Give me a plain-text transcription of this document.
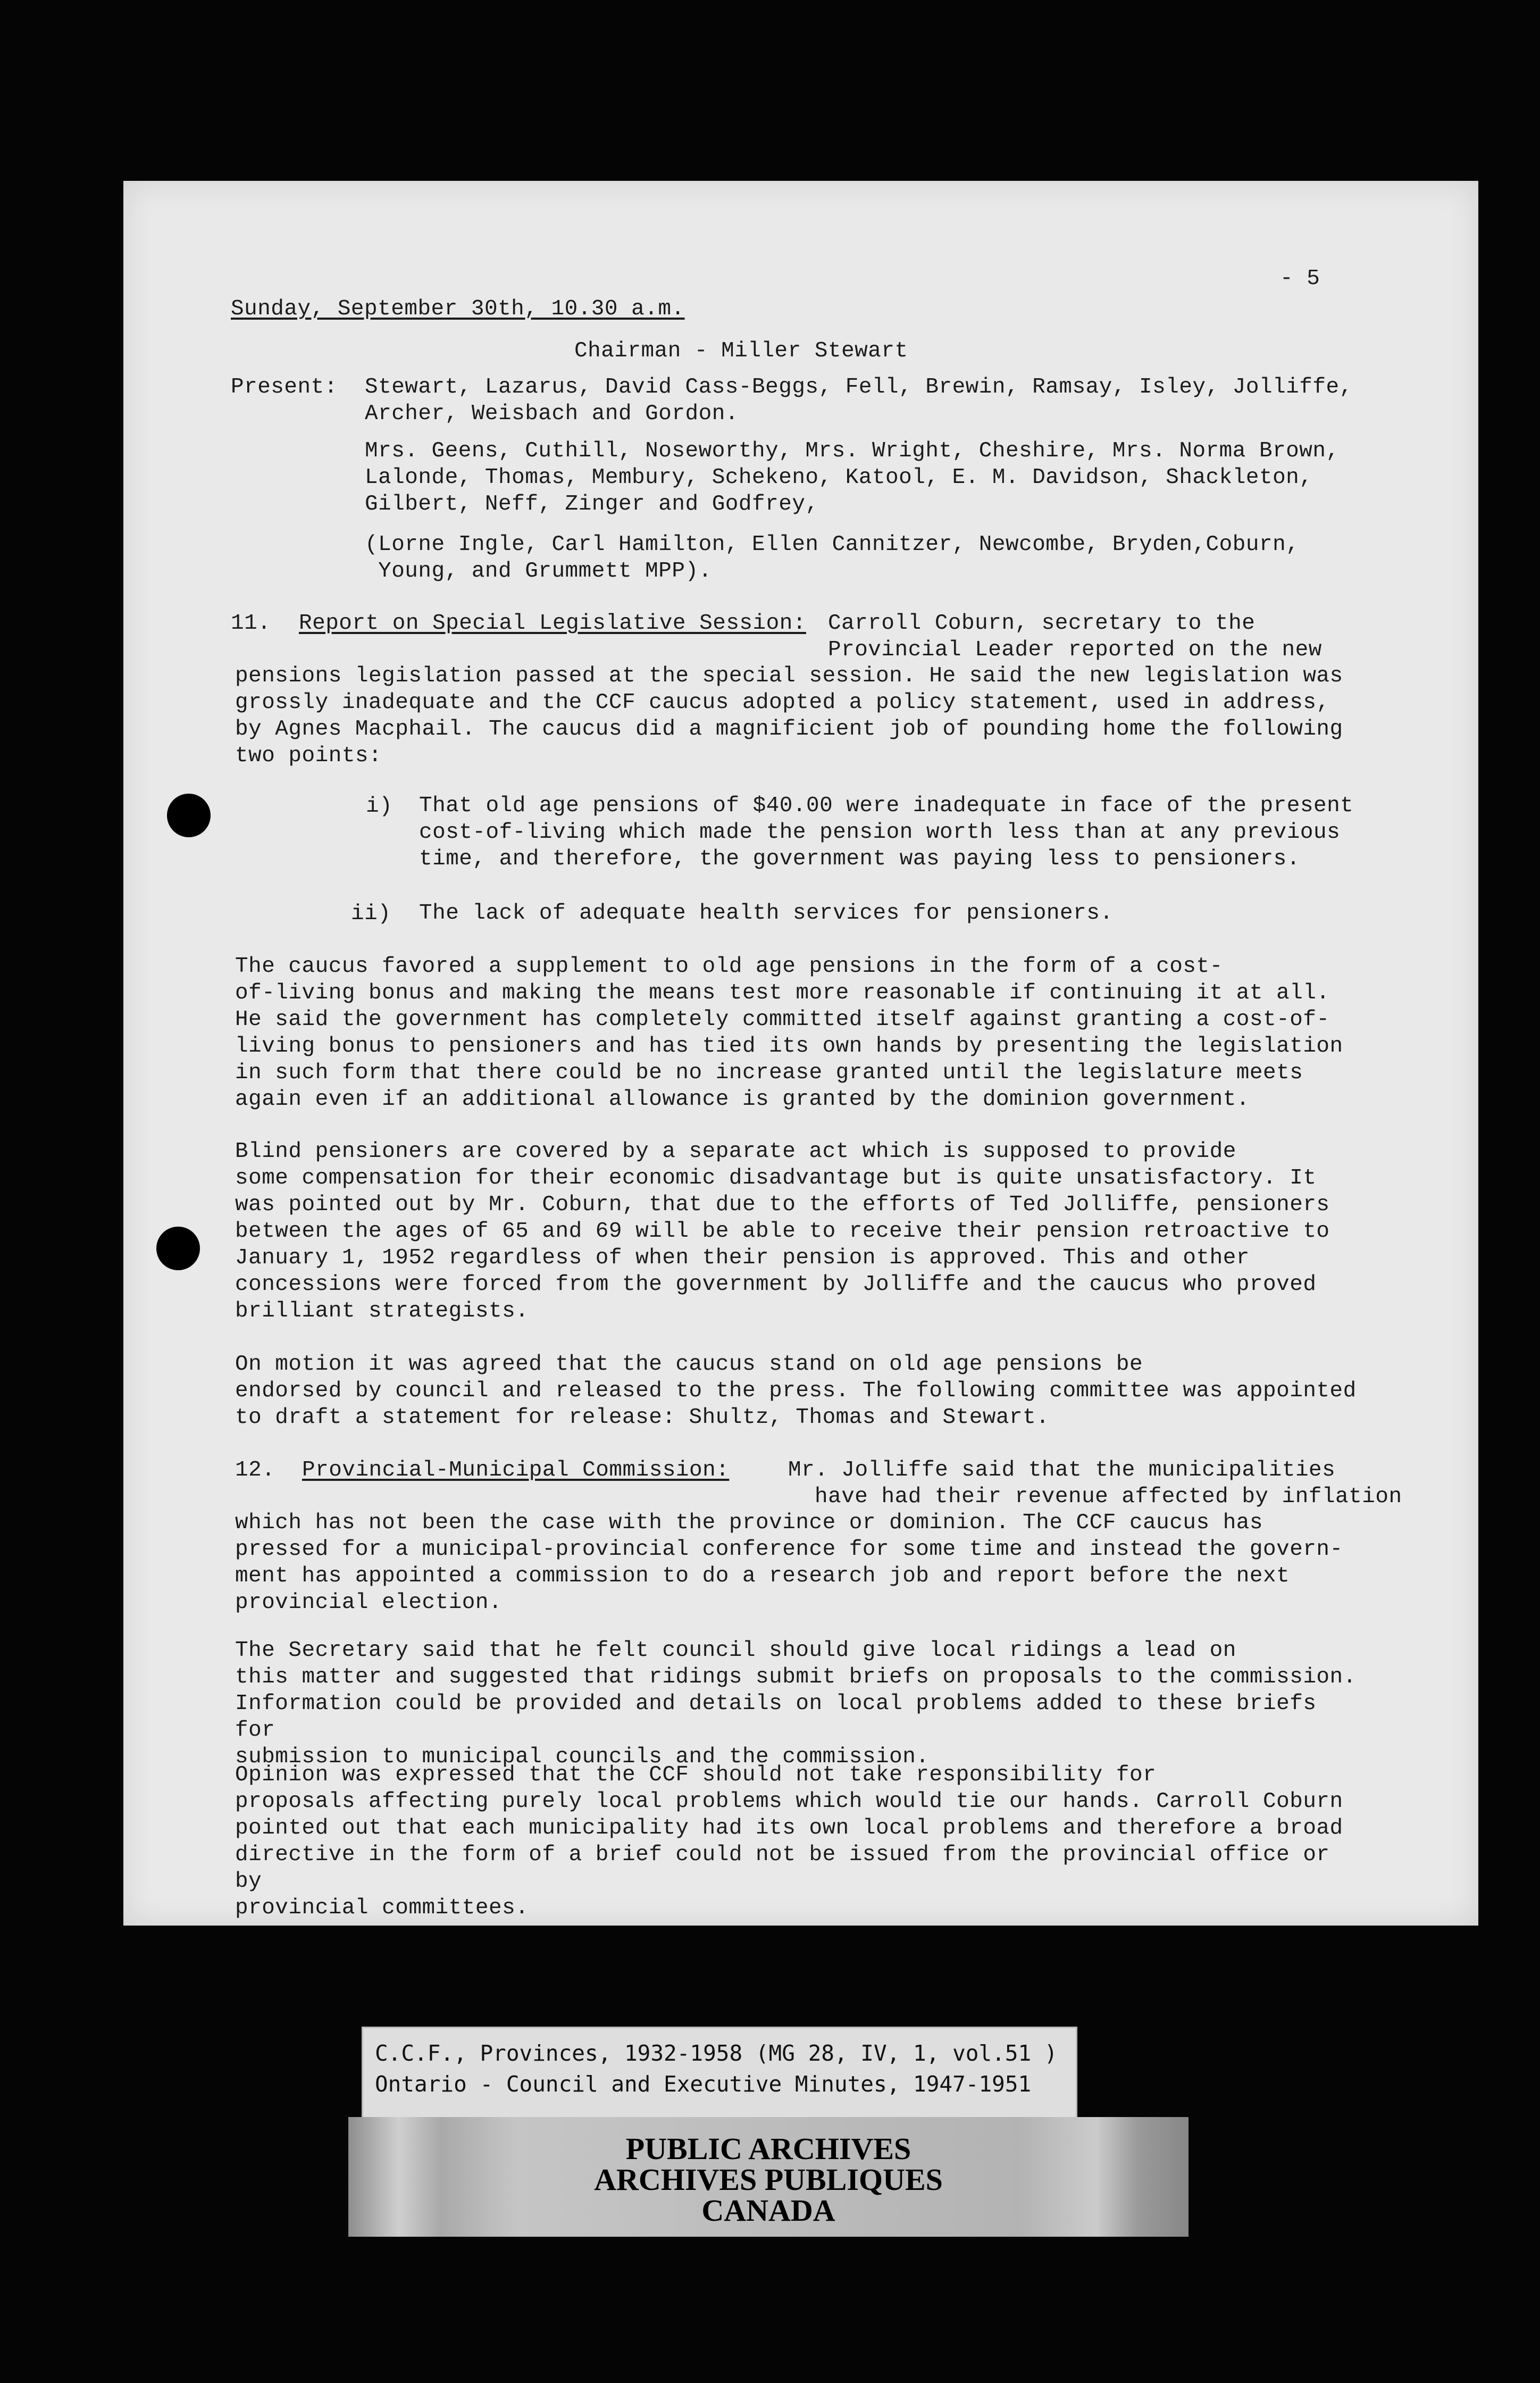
- 5
Sunday, September 30th, 10.30 a.m.
Chairman - Miller Stewart
Present: Stewart, Lazarus, David Cass-Beggs, Fell, Brewin, Ramsay, Isley, Jolliffe,
Archer, Weisbach and Gordon.
Mrs. Geens, Cuthill, Noseworthy, Mrs. Wright, Cheshire, Mrs. Norma Brown,
Lalonde, Thomas, Membury, Schekeno, Katool, E. M. Davidson, Shackleton,
Gilbert, Neff, Zinger and Godfrey,
(Lorne Ingle, Carl Hamilton, Ellen Cannitzer, Newcombe, Bryden,Coburn,
Young, and Grummett MPP).
11. Report on Special Legislative Session: Carroll Coburn, secretary to the
Provincial Leader reported on the new
pensions legislation passed at the special session. He said the new legislation was
grossly inadequate and the CCF caucus adopted a policy statement, used in address,
by Agnes Macphail. The caucus did a magnificient job of pounding home the following
two points:
i) That old age pensions of $40.00 were inadequate in face of the present
cost-of-living which made the pension worth less than at any previous
time, and therefore, the government was paying less to pensioners.
ii) The lack of adequate health services for pensioners.
The caucus favored a supplement to old age pensions in the form of a cost-
of-living bonus and making the means test more reasonable if continuing it at all.
He said the government has completely committed itself against granting a cost-of-
living bonus to pensioners and has tied its own hands by presenting the legislation
in such form that there could be no increase granted until the legislature meets
again even if an additional allowance is granted by the dominion government.
Blind pensioners are covered by a separate act which is supposed to provide
some compensation for their economic disadvantage but is quite unsatisfactory. It
was pointed out by Mr. Coburn, that due to the efforts of Ted Jolliffe, pensioners
between the ages of 65 and 69 will be able to receive their pension retroactive to
January 1, 1952 regardless of when their pension is approved. This and other
concessions were forced from the government by Jolliffe and the caucus who proved
brilliant strategists.
On motion it was agreed that the caucus stand on old age pensions be
endorsed by council and released to the press. The following committee was appointed
to draft a statement for release: Shultz, Thomas and Stewart.
12. Provincial-Municipal Commission:	Mr. Jolliffe said that the municipalities
have had their revenue affected by inflation
which has not been the case with the province or dominion. The CCF caucus has
pressed for a municipal-provincial conference for some time and instead the govern-
ment has appointed a commission to do a research job and report before the next
provincial election.
The Secretary said that he felt council should give local ridings a lead on
this matter and suggested that ridings submit briefs on proposals to the commission.
Information could be provided and details on local problems added to these briefs for
submission to municipal councils and the commission.
Opinion was expressed that the CCF should not take responsibility for
proposals affecting purely local problems which would tie our hands. Carroll Coburn
pointed out that each municipality had its own local problems and therefore a broad
directive in the form of a brief could not be issued from the provincial office or by
provincial committees.
C.C.F., Provinces, 1932-1958 (MG 28, IV, 1, vol.51 )
Ontario - Council and Executive Minutes, 1947-1951
PUBLIC ARCHIVES
ARCHIVES PUBLIQUES
CANADA
